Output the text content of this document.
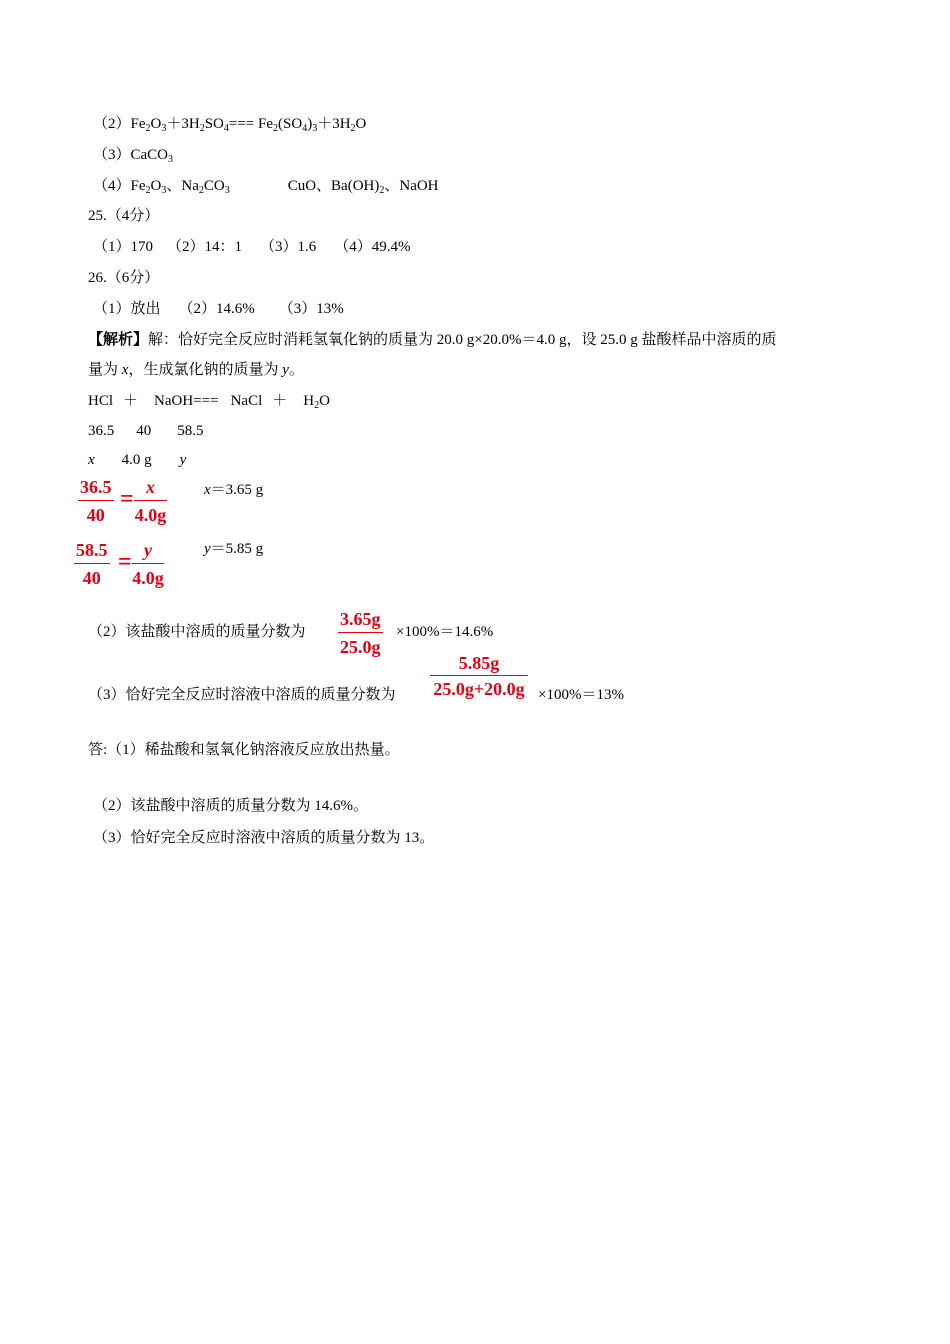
$(2)Fe_2O_3+3H_2SO_4=== Fe_2(SO_4)_3+3H_2O$
（3）CaCO$_3$
$(4)Fe_2O_3$、$Na_2CO_3$	CuO、$Ba(OH)_2$、NaOH
25.（4分）
（1）170 （2）14：1 （3）1.6 （4）49.4%
26.（6分）
（1）放出 （2）14.6% （3）13%
【解析】解：恰好完全反应时消耗氢氧化钠的质量为 20.0 g×20.0%＝4.0 g，设 25.0 g 盐酸样品中溶质的质
量为 x，生成氯化钠的质量为 y。
HCl ＋ NaOH=== NaCl ＋ $H_2O$
36.5 40 58.5
x 4.0 g y
$\frac{36.5}{40} = \frac{x}{4.0g} x=3.65$ g
$\frac{58.5}{40} = \frac{y}{4.0g}$	y＝5.85 g
（2）该盐酸中溶质的质量分数为 $\frac{3.65g}{25.0g} \times 100\%=14.6\%$
（3）恰好完全反应时溶液中溶质的质量分数为
5.85g
25.0g+20.0g ×100%＝13%
答:（1）稀盐酸和氢氧化钠溶液反应放出热量。
（2）该盐酸中溶质的质量分数为 14.6%。
（3）恰好完全反应时溶液中溶质的质量分数为 13。
